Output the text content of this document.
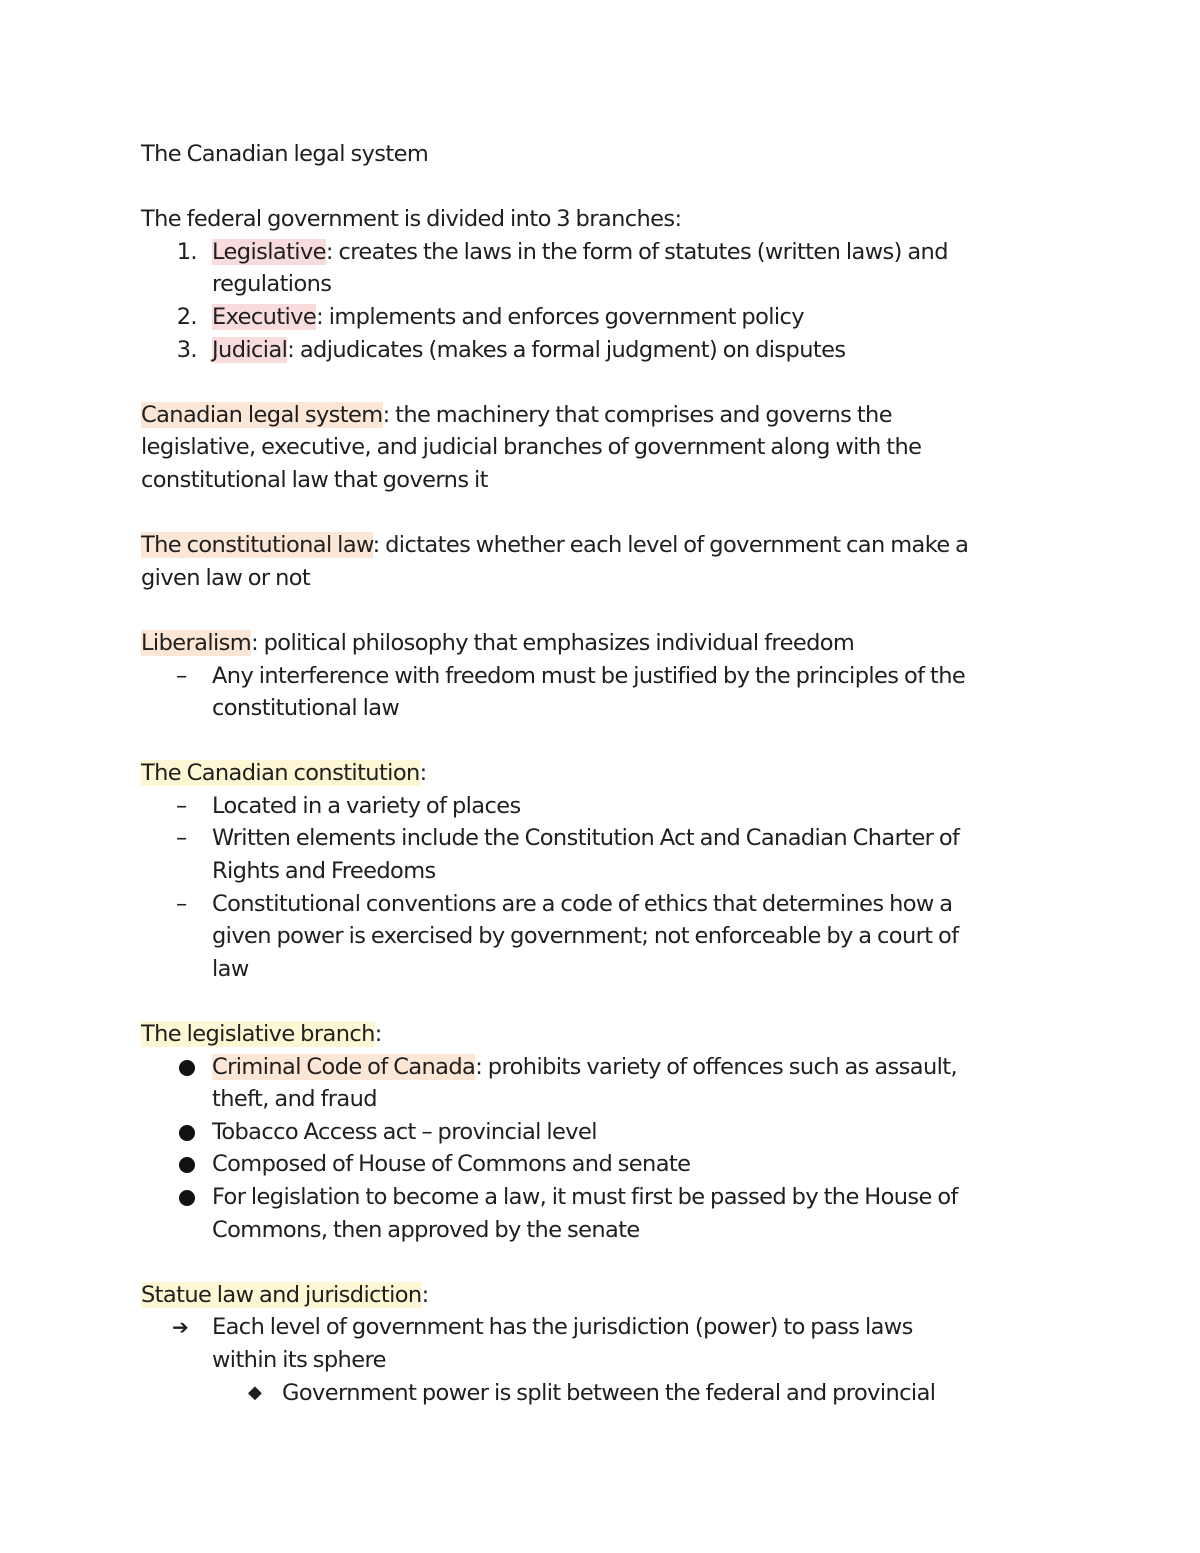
The Canadian legal system
The federal government is divided into 3 branches:
1. Legislative: creates the laws in the form of statutes (written laws) and
regulations
2. Executive: implements and enforces government policy
3. Judicial: adjudicates (makes a formal judgment) on disputes
Canadian legal system: the machinery that comprises and governs the
legislative, executive, and judicial branches of government along with the
constitutional law that governs it
The constitutional law: dictates whether each level of government can make a
given law or not
Liberalism: political philosophy that emphasizes individual freedom
– Any interference with freedom must be justified by the principles of the
constitutional law
The Canadian constitution:
– Located in a variety of places
– Written elements include the Constitution Act and Canadian Charter of
Rights and Freedoms
– Constitutional conventions are a code of ethics that determines how a
given power is exercised by government; not enforceable by a court of
law
The legislative branch:
Criminal Code of Canada: prohibits variety of offences such as assault,
theft, and fraud
Tobacco Access act – provincial level
Composed of House of Commons and senate
For legislation to become a law, it must first be passed by the House of
Commons, then approved by the senate
Statue law and jurisdiction:
➔ Each level of government has the jurisdiction (power) to pass laws
within its sphere
◆ Government power is split between the federal and provincial
